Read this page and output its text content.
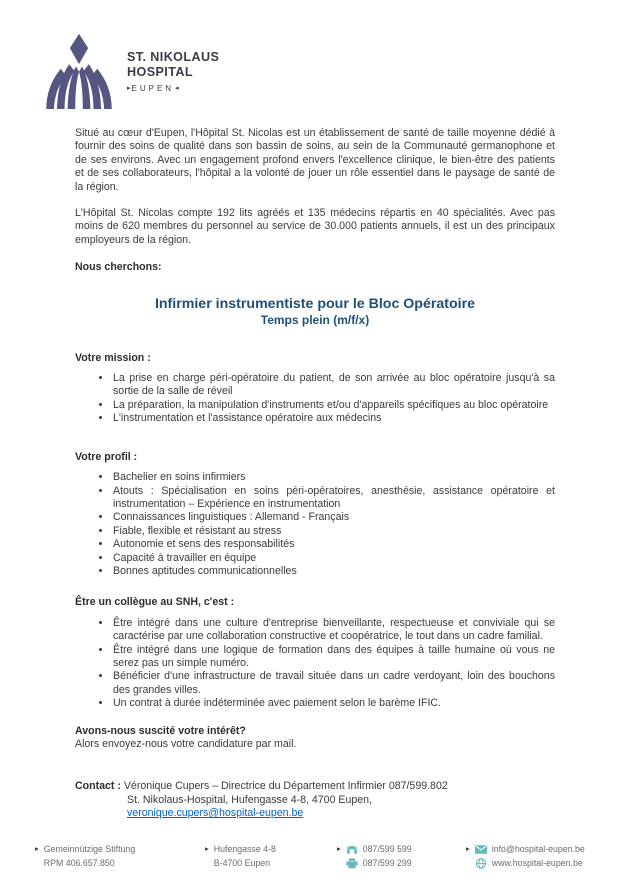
ST. NIKOLAUS
HOSPITAL
▸ EUPEN ◂

Situé au cœur d'Eupen, l'Hôpital St. Nicolas est un établissement de santé de taille moyenne dédié à fournir des soins de qualité dans son bassin de soins, au sein de la Communauté germanophone et de ses environs. Avec un engagement profond envers l'excellence clinique, le bien-être des patients et de ses collaborateurs, l'hôpital a la volonté de jouer un rôle essentiel dans le paysage de santé de la région.

L'Hôpital St. Nicolas compte 192 lits agréés et 135 médecins répartis en 40 spécialités. Avec pas moins de 620 membres du personnel au service de 30.000 patients annuels, il est un des principaux employeurs de la région.

Nous cherchons:
Infirmier instrumentiste pour le Bloc Opératoire
Temps plein (m/f/x)
Votre mission :
• La prise en charge péri-opératoire du patient, de son arrivée au bloc opératoire jusqu'à sa sortie de la salle de réveil
• La préparation, la manipulation d'instruments et/ou d'appareils spécifiques au bloc opératoire
• L'instrumentation et l'assistance opératoire aux médecins
Votre profil :
• Bachelier en soins infirmiers
• Atouts : Spécialisation en soins péri-opératoires, anesthésie, assistance opératoire et instrumentation – Expérience en instrumentation
• Connaissances linguistiques : Allemand - Français
• Fiable, flexible et résistant au stress
• Autonomie et sens des responsabilités
• Capacité à travailler en équipe
• Bonnes aptitudes communicationnelles
Être un collègue au SNH, c'est :
• Être intégré dans une culture d'entreprise bienveillante, respectueuse et conviviale qui se caractérise par une collaboration constructive et coopératrice, le tout dans un cadre familial.
• Être intégré dans une logique de formation dans des équipes à taille humaine où vous ne serez pas un simple numéro.
• Bénéficier d'une infrastructure de travail située dans un cadre verdoyant, loin des bouchons des grandes villes.
• Un contrat à durée indéterminée avec paiement selon le barème IFIC.
Avons-nous suscité votre intérêt?
Alors envoyez-nous votre candidature par mail.
Contact : Véronique Cupers – Directrice du Département Infirmier 087/599.802
St. Nikolaus-Hospital, Hufengasse 4-8, 4700 Eupen,
veronique.cupers@hospital-eupen.be
▸ Gemeinnützige Stiftung
RPM 406.657.850
▸ Hufengasse 4-8
B-4700 Eupen
▸	087/599 599
087/599 299
▸	info@hospital-eupen.be
www.hospital-eupen.be
